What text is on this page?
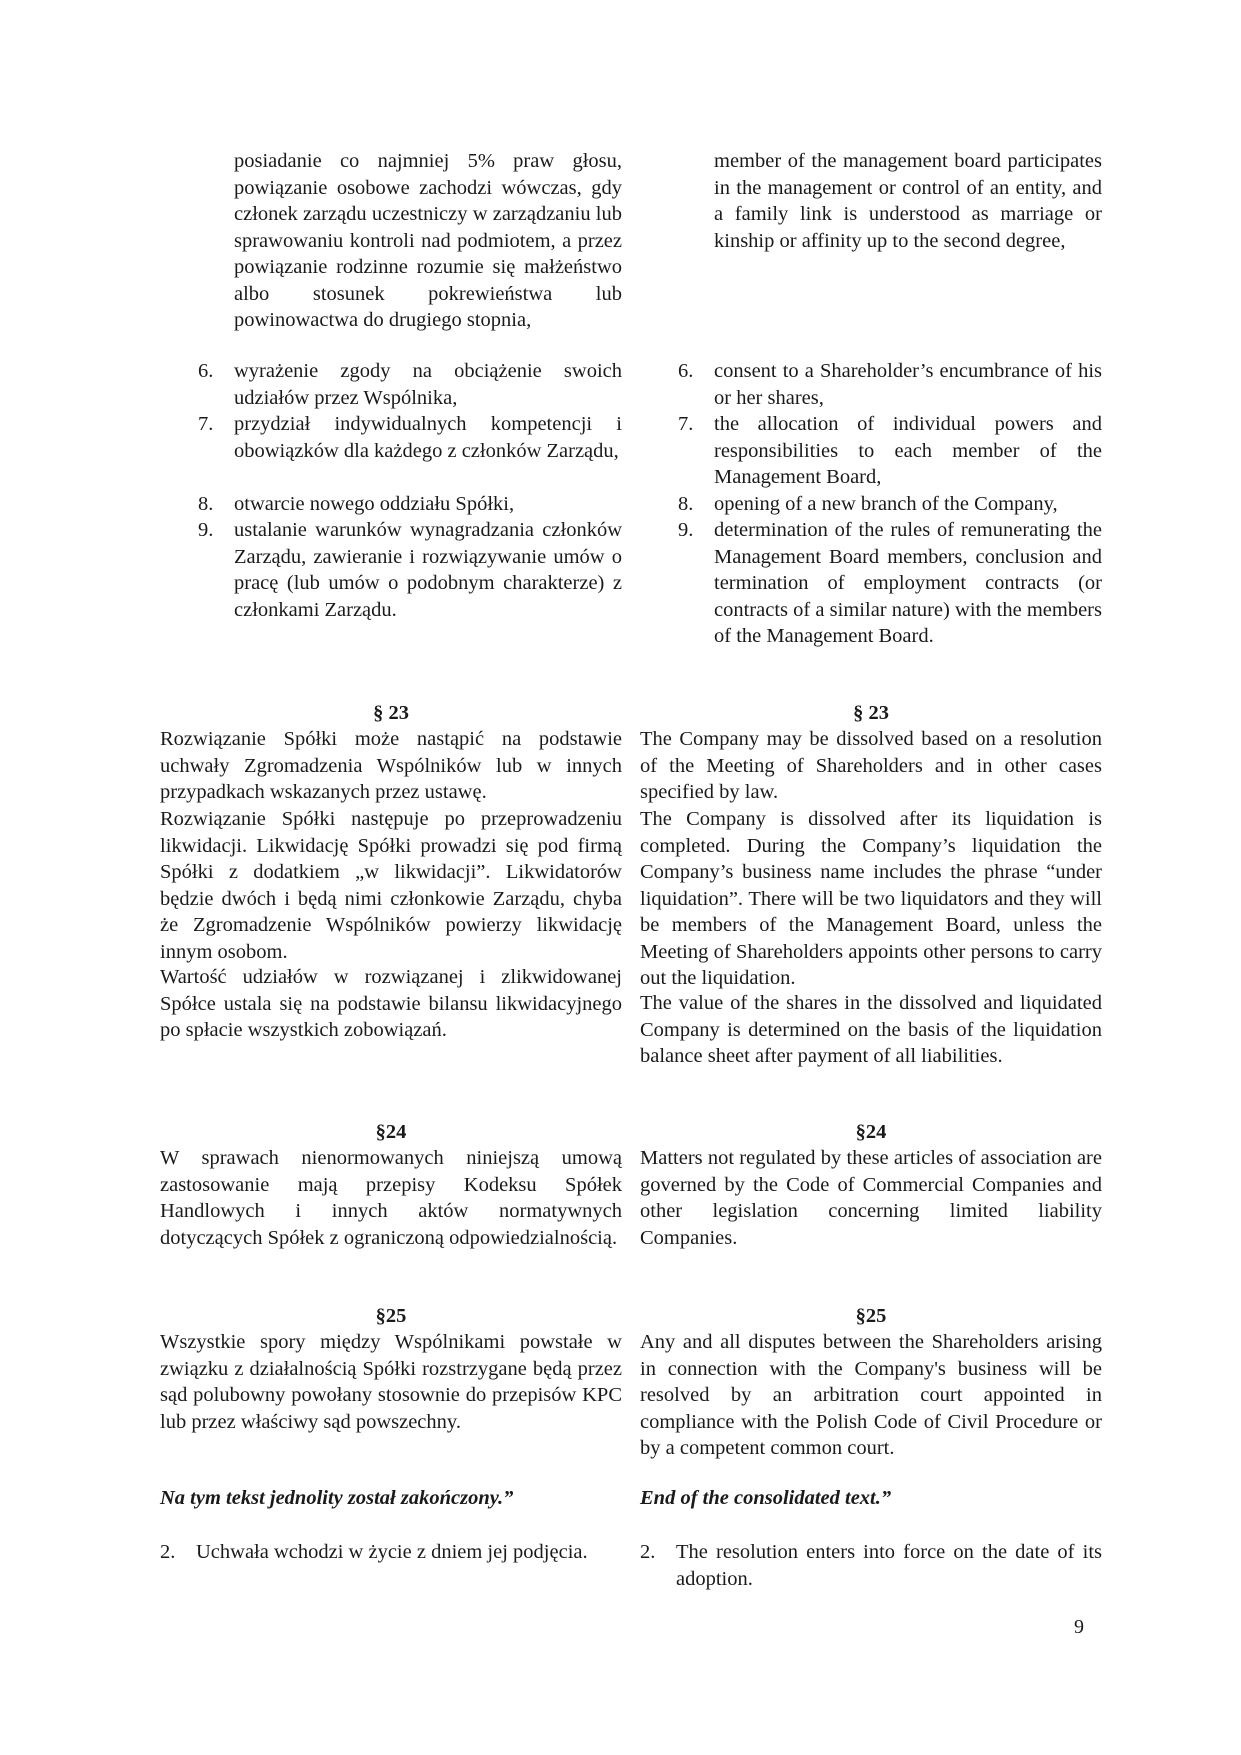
posiadanie co najmniej 5% praw głosu, powiązanie osobowe zachodzi wówczas, gdy członek zarządu uczestniczy w zarządzaniu lub sprawowaniu kontroli nad podmiotem, a przez powiązanie rodzinne rozumie się małżeństwo albo stosunek pokrewieństwa lub powinowactwa do drugiego stopnia,
6. wyrażenie zgody na obciążenie swoich udziałów przez Wspólnika,
7. przydział indywidualnych kompetencji i obowiązków dla każdego z członków Zarządu,
8. otwarcie nowego oddziału Spółki,
9. ustalanie warunków wynagradzania członków Zarządu, zawieranie i rozwiązywanie umów o pracę (lub umów o podobnym charakterze) z członkami Zarządu.
§ 23
Rozwiązanie Spółki może nastąpić na podstawie uchwały Zgromadzenia Wspólników lub w innych przypadkach wskazanych przez ustawę.
Rozwiązanie Spółki następuje po przeprowadzeniu likwidacji. Likwidację Spółki prowadzi się pod firmą Spółki z dodatkiem „w likwidacji”. Likwidatorów będzie dwóch i będą nimi członkowie Zarządu, chyba że Zgromadzenie Wspólników powierzy likwidację innym osobom.
Wartość udziałów w rozwiązanej i zlikwidowanej Spółce ustala się na podstawie bilansu likwidacyjnego po spłacie wszystkich zobowiązań.
§24
W sprawach nienormowanych niniejszą umową zastosowanie mają przepisy Kodeksu Spółek Handlowych i innych aktów normatywnych dotyczących Spółek z ograniczoną odpowiedzialnością.
§25
Wszystkie spory między Wspólnikami powstałe w związku z działalnością Spółki rozstrzygane będą przez sąd polubowny powołany stosownie do przepisów KPC lub przez właściwy sąd powszechny.
Na tym tekst jednolity został zakończony.”
2. Uchwała wchodzi w życie z dniem jej podjęcia.
member of the management board participates in the management or control of an entity, and a family link is understood as marriage or kinship or affinity up to the second degree,
6. consent to a Shareholder’s encumbrance of his or her shares,
7. the allocation of individual powers and responsibilities to each member of the Management Board,
8. opening of a new branch of the Company,
9. determination of the rules of remunerating the Management Board members, conclusion and termination of employment contracts (or contracts of a similar nature) with the members of the Management Board.
§ 23
The Company may be dissolved based on a resolution of the Meeting of Shareholders and in other cases specified by law.
The Company is dissolved after its liquidation is completed. During the Company’s liquidation the Company’s business name includes the phrase “under liquidation”. There will be two liquidators and they will be members of the Management Board, unless the Meeting of Shareholders appoints other persons to carry out the liquidation.
The value of the shares in the dissolved and liquidated Company is determined on the basis of the liquidation balance sheet after payment of all liabilities.
§24
Matters not regulated by these articles of association are governed by the Code of Commercial Companies and other legislation concerning limited liability Companies.
§25
Any and all disputes between the Shareholders arising in connection with the Company's business will be resolved by an arbitration court appointed in compliance with the Polish Code of Civil Procedure or by a competent common court.
End of the consolidated text.”
2. The resolution enters into force on the date of its adoption.
9
